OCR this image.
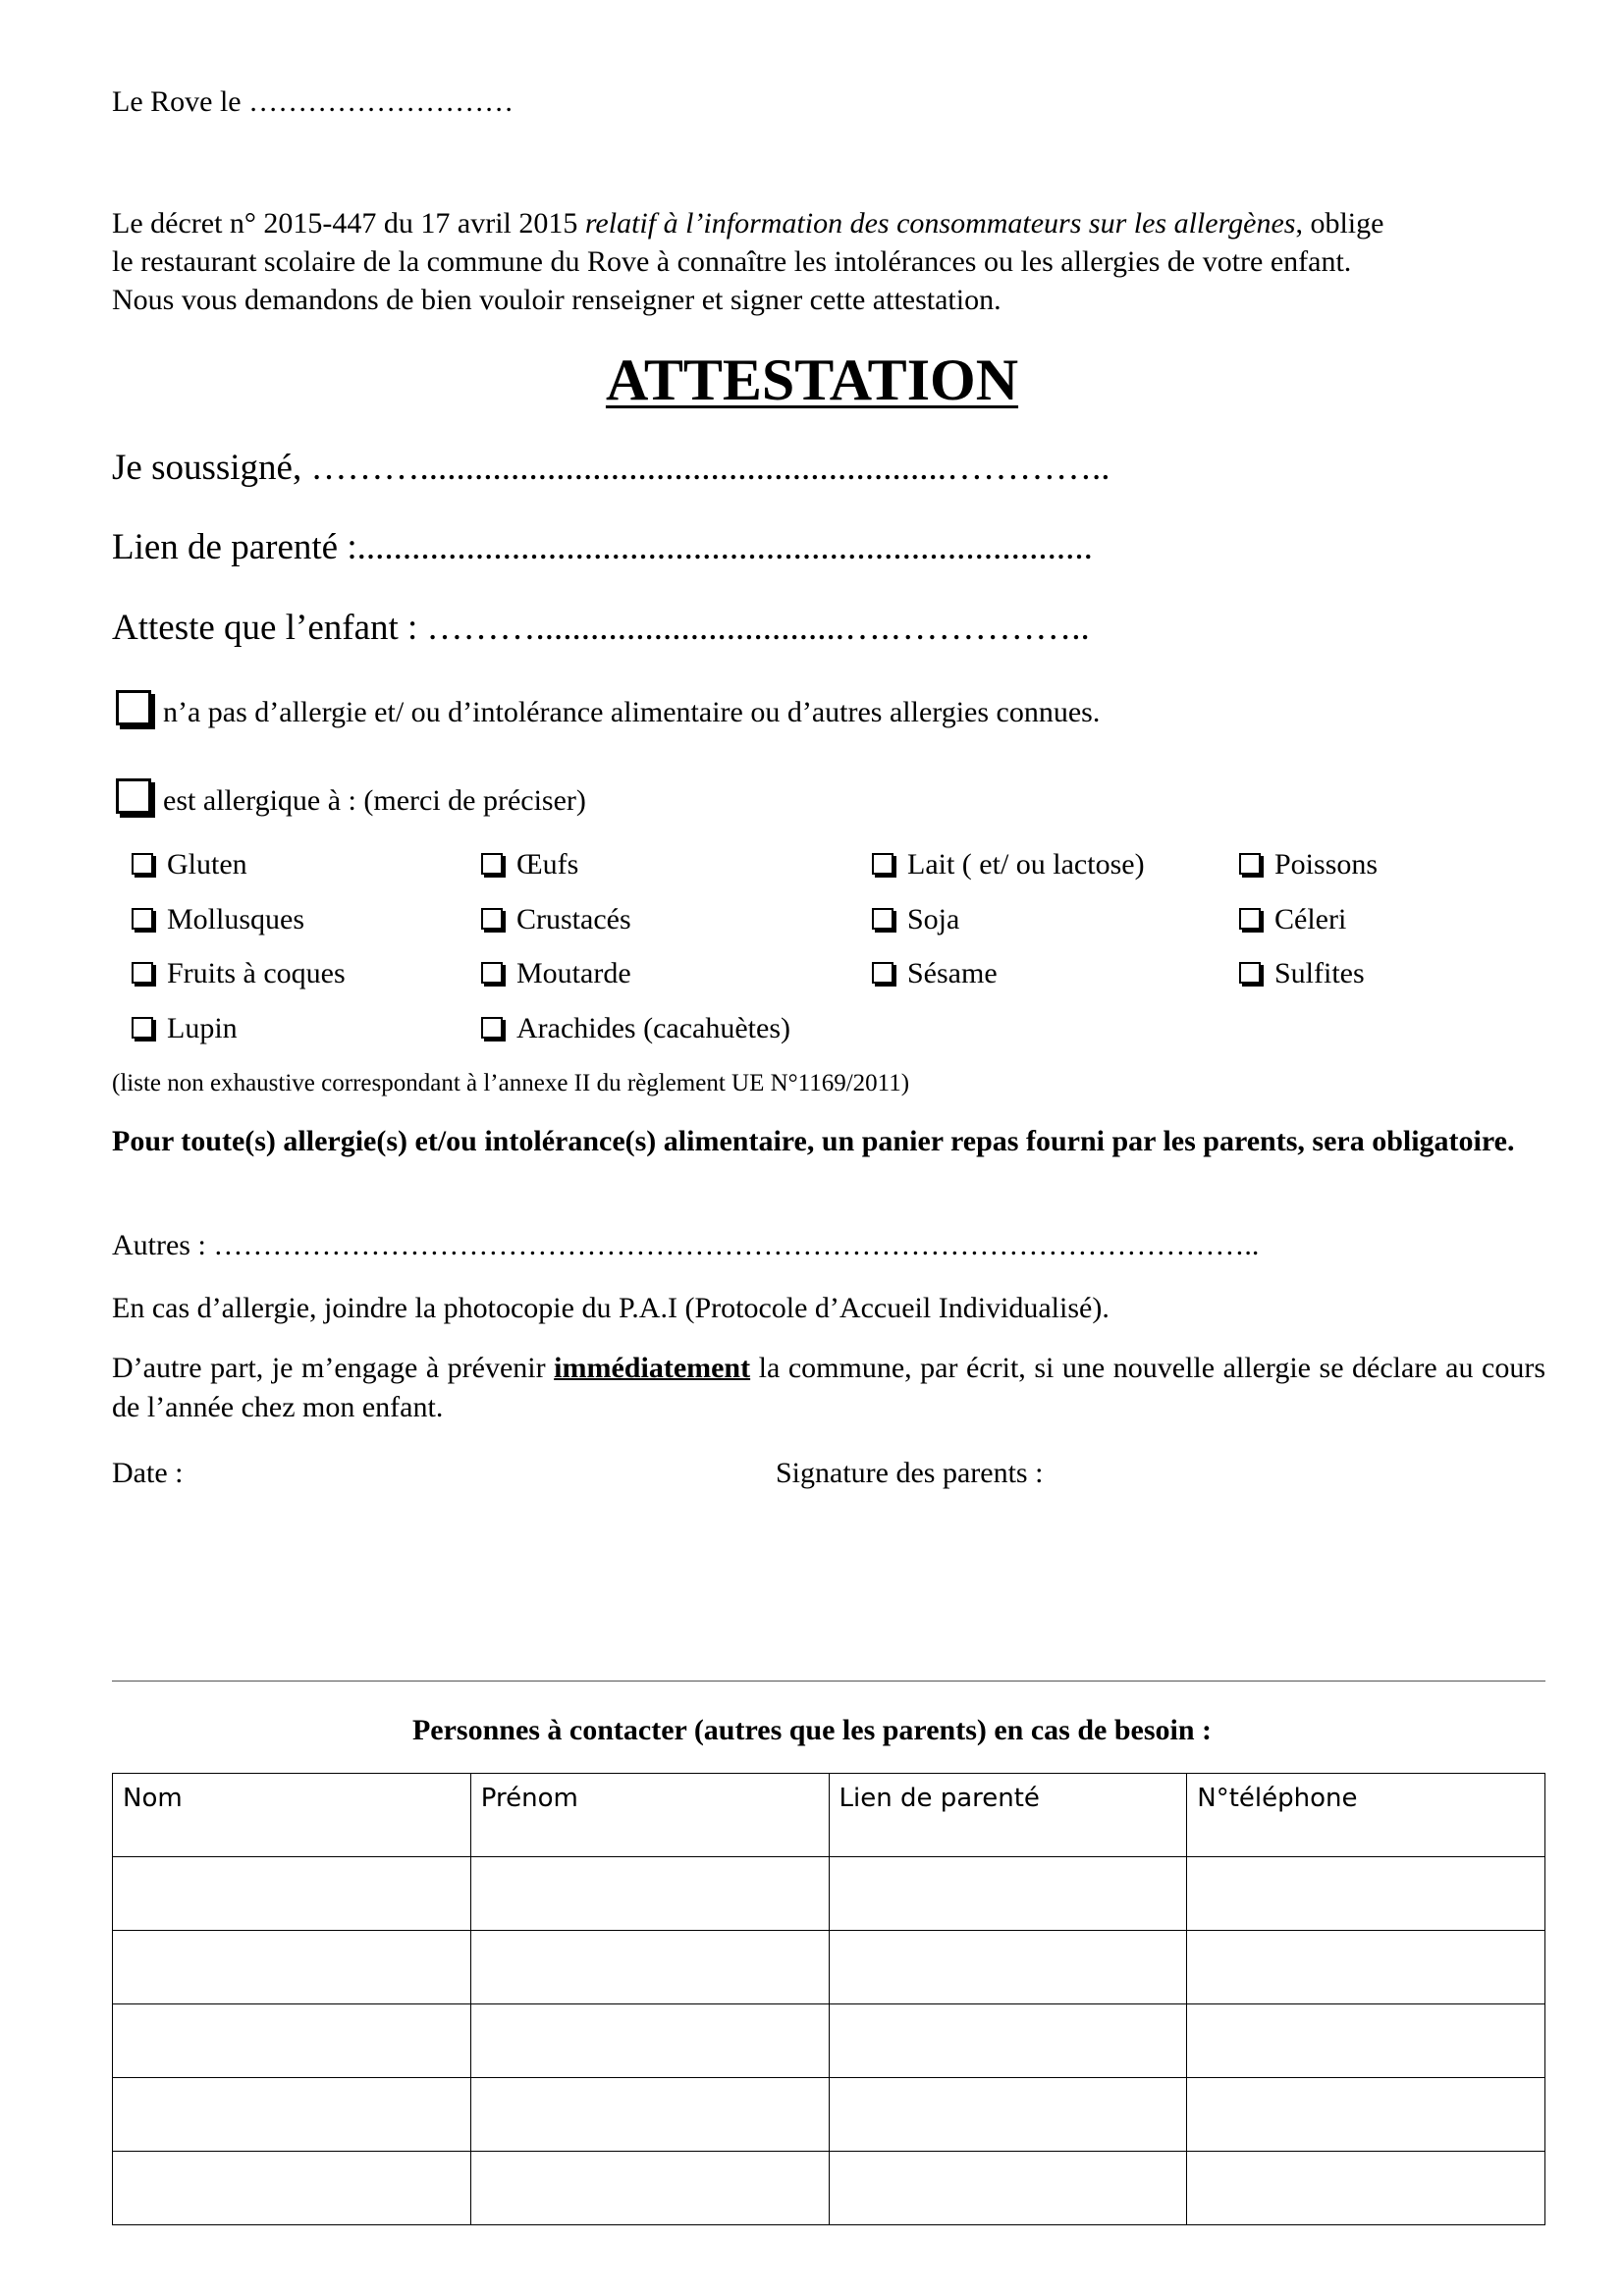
Le Rove le ………………………
Le décret n° 2015-447 du 17 avril 2015 relatif à l’information des consommateurs sur les allergènes, oblige
le restaurant scolaire de la commune du Rove à connaître les intolérances ou les allergies de votre enfant.
Nous vous demandons de bien vouloir renseigner et signer cette attestation.
ATTESTATION
Je soussigné, ………..........................................................…………..
Lien de parenté :.................................................................................
Atteste que l’enfant : ………..................................….……………..
n’a pas d’allergie et/ ou d’intolérance alimentaire ou d’autres allergies connues.
est allergique à : (merci de préciser)
Gluten	Œufs	Lait ( et/ ou lactose)	Poissons
Mollusques	Crustacés	Soja	Céleri
Fruits à coques	Moutarde	Sésame	Sulfites
Lupin	Arachides (cacahuètes)
(liste non exhaustive correspondant à l’annexe II du règlement UE N°1169/2011)
Pour toute(s) allergie(s) et/ou intolérance(s) alimentaire, un panier repas fourni par les parents, sera obligatoire.
Autres : ……………………………………………………………………………………………..
En cas d’allergie, joindre la photocopie du P.A.I (Protocole d’Accueil Individualisé).
D’autre part, je m’engage à prévenir immédiatement la commune, par écrit, si une nouvelle allergie se déclare au cours de l’année chez mon enfant.
Date :	Signature des parents :
Personnes à contacter (autres que les parents) en cas de besoin :
Nom	Prénom	Lien de parenté	N°téléphone
